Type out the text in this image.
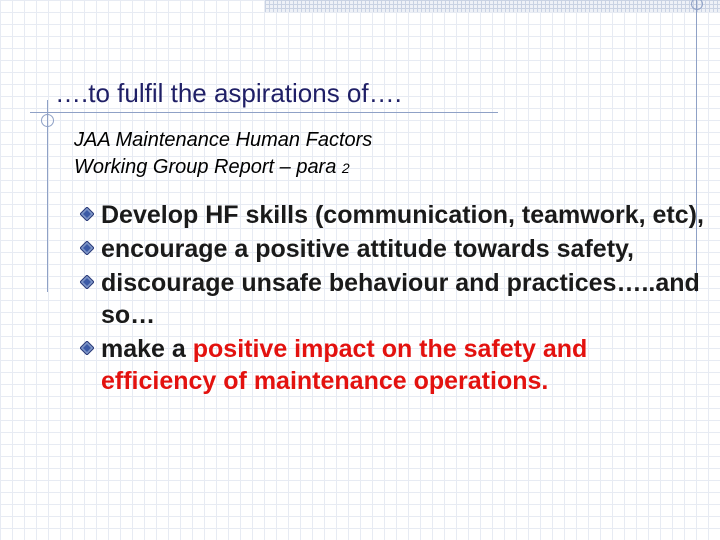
….to fulfil the aspirations of….
JAA Maintenance Human Factors
Working Group Report – para 2
Develop HF skills (communication, teamwork, etc),
encourage a positive attitude towards safety,
discourage unsafe behaviour and practices…..and so…
make a positive impact on the safety and efficiency of maintenance operations.
